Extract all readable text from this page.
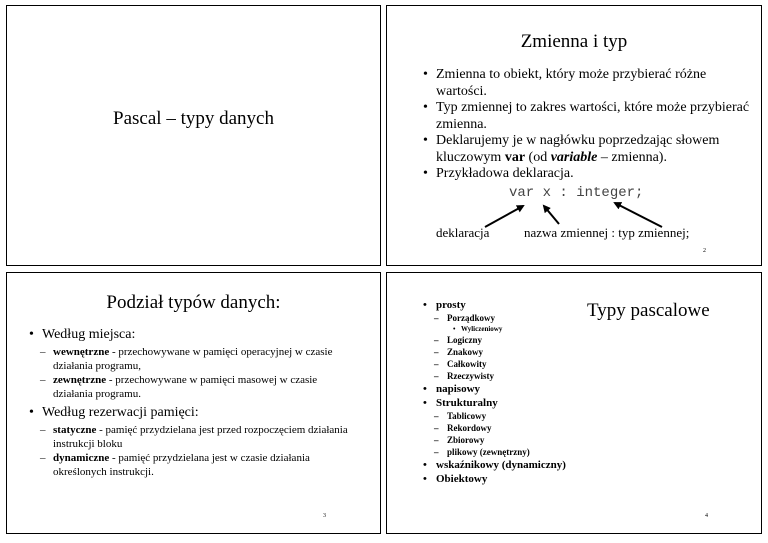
Pascal – typy danych
Zmienna i typ
• Zmienna to obiekt, który może przybierać różne wartości.
• Typ zmiennej to zakres wartości, które może przybierać zmienna.
• Deklarujemy je w nagłówku poprzedzając słowem kluczowym var (od variable – zmienna).
• Przykładowa deklaracja.
var x : integer;
deklaracja	nazwa zmiennej : typ zmiennej;
2
Podział typów danych:
• Według miejsca:
– wewnętrzne - przechowywane w pamięci operacyjnej w czasie działania programu,
– zewnętrzne - przechowywane w pamięci masowej w czasie działania programu.
• Według rezerwacji pamięci:
– statyczne - pamięć przydzielana jest przed rozpoczęciem działania instrukcji bloku
– dynamiczne - pamięć przydzielana jest w czasie działania określonych instrukcji.
3
Typy pascalowe
• prosty
– Porządkowy
• Wyliczeniowy
– Logiczny
– Znakowy
– Całkowity
– Rzeczywisty
• napisowy
• Strukturalny
– Tablicowy
– Rekordowy
– Zbiorowy
– plikowy (zewnętrzny)
• wskaźnikowy (dynamiczny)
• Obiektowy
4
